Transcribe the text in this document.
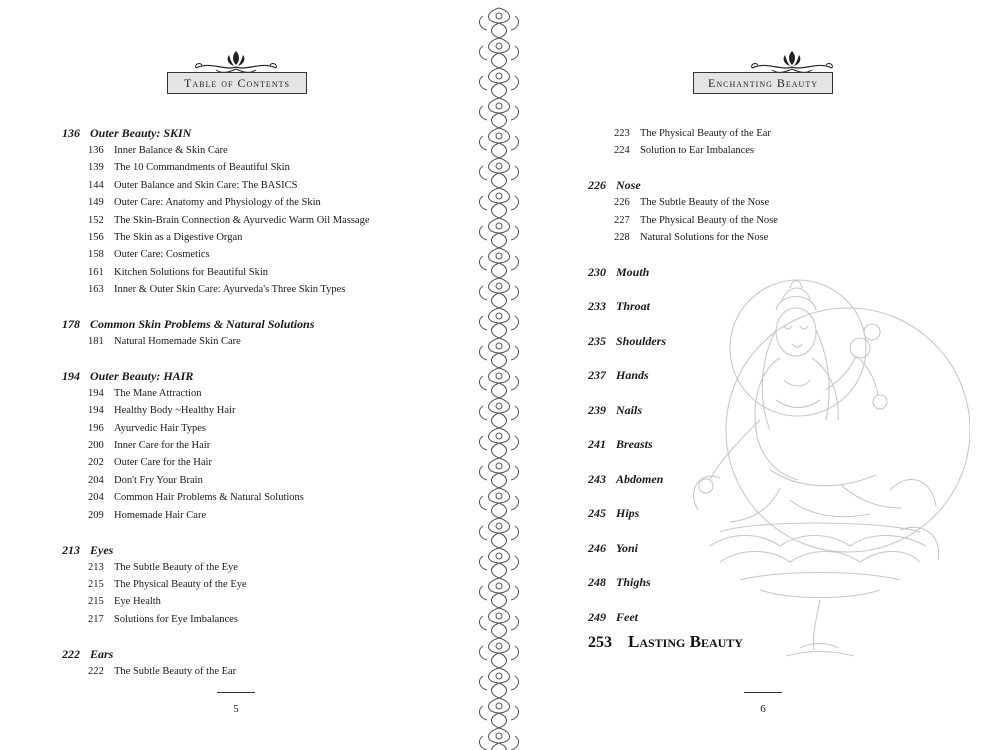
Table of Contents
136 Outer Beauty: SKIN
136 Inner Balance & Skin Care
139 The 10 Commandments of Beautiful Skin
144 Outer Balance and Skin Care: The BASICS
149 Outer Care: Anatomy and Physiology of the Skin
152 The Skin-Brain Connection & Ayurvedic Warm Oil Massage
156 The Skin as a Digestive Organ
158 Outer Care: Cosmetics
161 Kitchen Solutions for Beautiful Skin
163 Inner & Outer Skin Care: Ayurveda's Three Skin Types
178 Common Skin Problems & Natural Solutions
181 Natural Homemade Skin Care
194 Outer Beauty: HAIR
194 The Mane Attraction
194 Healthy Body ~Healthy Hair
196 Ayurvedic Hair Types
200 Inner Care for the Hair
202 Outer Care for the Hair
204 Don't Fry Your Brain
204 Common Hair Problems & Natural Solutions
209 Homemade Hair Care
213 Eyes
213 The Subtle Beauty of the Eye
215 The Physical Beauty of the Eye
215 Eye Health
217 Solutions for Eye Imbalances
222 Ears
222 The Subtle Beauty of the Ear
5
Enchanting Beauty
223 The Physical Beauty of the Ear
224 Solution to Ear Imbalances
226 Nose
226 The Subtle Beauty of the Nose
227 The Physical Beauty of the Nose
228 Natural Solutions for the Nose
230 Mouth
233 Throat
235 Shoulders
237 Hands
239 Nails
241 Breasts
243 Abdomen
245 Hips
246 Yoni
248 Thighs
249 Feet
253 Lasting Beauty
6
